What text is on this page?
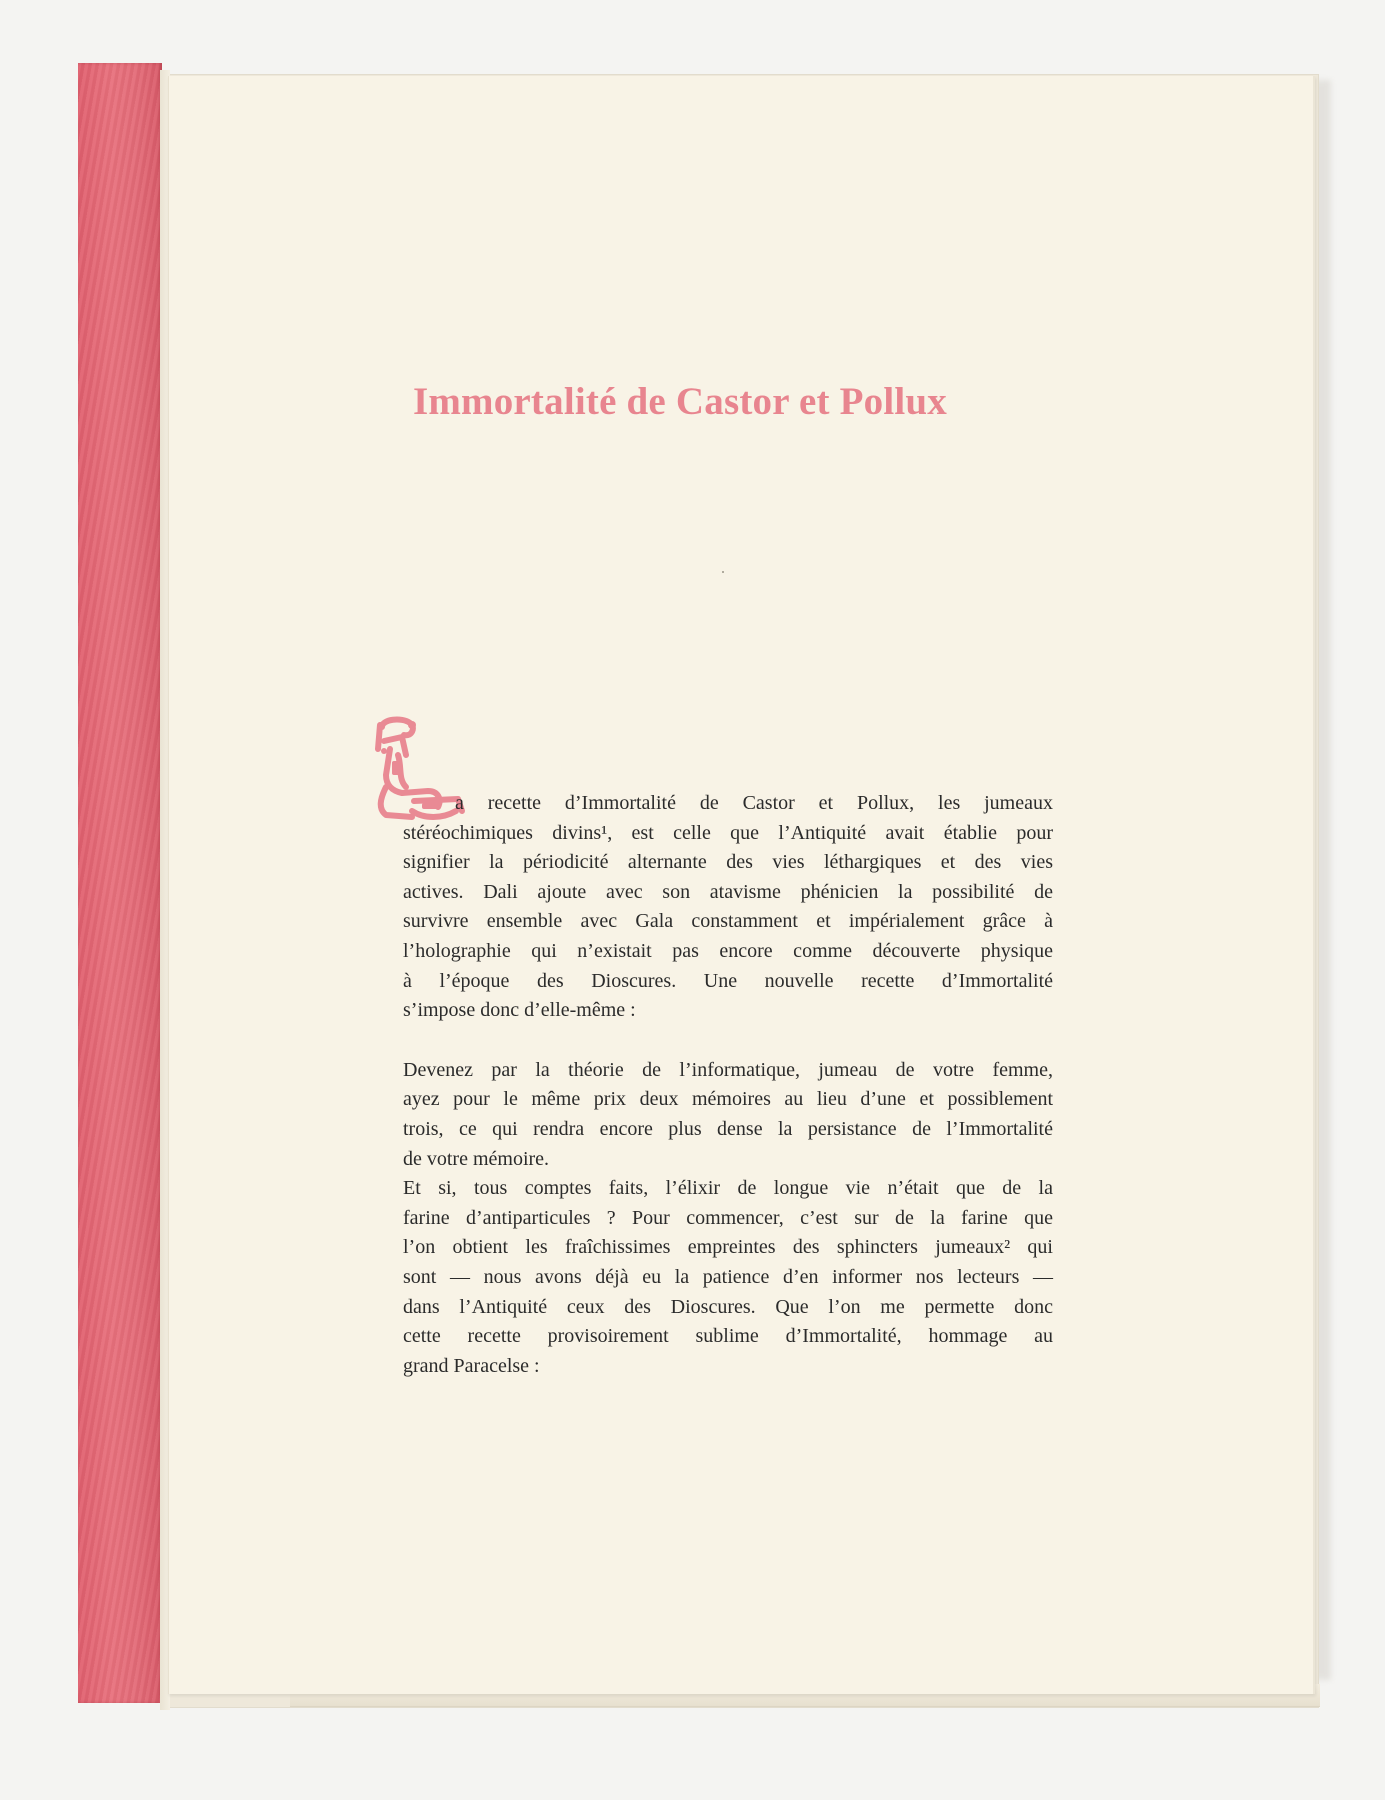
Immortalité de Castor et Pollux
a recette d’Immortalité de Castor et Pollux, les jumeaux
stéréochimiques divins¹, est celle que l’Antiquité avait établie pour
signifier la périodicité alternante des vies léthargiques et des vies
actives. Dali ajoute avec son atavisme phénicien la possibilité de
survivre ensemble avec Gala constamment et impérialement grâce à
l’holographie qui n’existait pas encore comme découverte physique
à l’époque des Dioscures. Une nouvelle recette d’Immortalité
s’impose donc d’elle-même :
Devenez par la théorie de l’informatique, jumeau de votre femme,
ayez pour le même prix deux mémoires au lieu d’une et possiblement
trois, ce qui rendra encore plus dense la persistance de l’Immortalité
de votre mémoire.
Et si, tous comptes faits, l’élixir de longue vie n’était que de la
farine d’antiparticules ? Pour commencer, c’est sur de la farine que
l’on obtient les fraîchissimes empreintes des sphincters jumeaux² qui
sont — nous avons déjà eu la patience d’en informer nos lecteurs —
dans l’Antiquité ceux des Dioscures. Que l’on me permette donc
cette recette provisoirement sublime d’Immortalité, hommage au
grand Paracelse :
